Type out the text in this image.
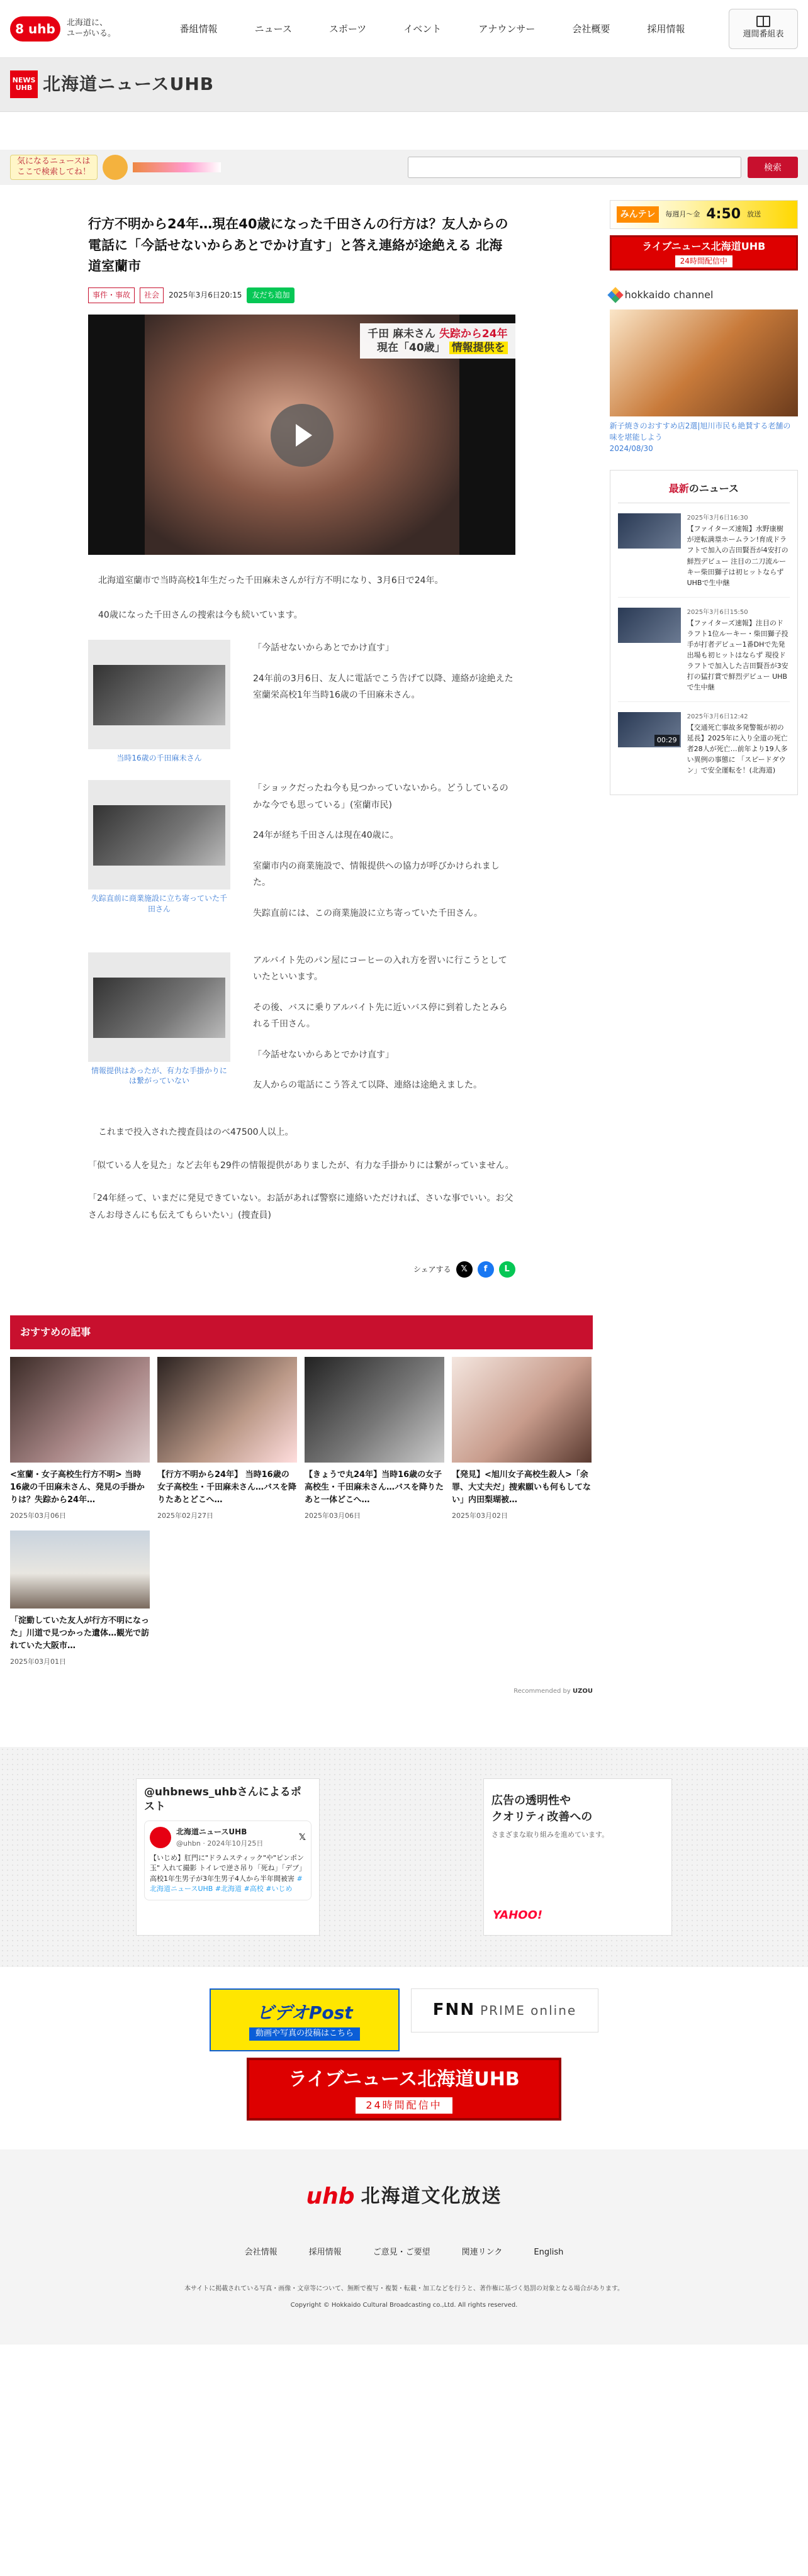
8 uhb	北海道に、
ユーがいる。	番組情報	ニュース	スポーツ	イベント	アナウンサー	会社概要	採用情報
週間番組表
NEWS UHB 北海道ニュースUHB
気になるニュースは
ここで検索してね！	検索
行方不明から24年…現在40歳になった千田さんの行方は？友人からの電話に「今話せないからあとでかけ直す」と答え連絡が途絶える 北海道室蘭市
事件・事故	社会	2025年3月6日20:15	友だち追加
千田 麻未さん 失踪から24年
現在「40歳」 情報提供を

北海道室蘭市で当時高校1年生だった千田麻未さんが行方不明になり、3月6日で24年。

40歳になった千田さんの捜索は今も続いています。

当時16歳の千田麻未さん

「今話せないからあとでかけ直す」

24年前の3月6日、友人に電話でこう告げて以降、連絡が途絶えた室蘭栄高校1年当時16歳の千田麻未さん。

失踪直前に商業施設に立ち寄っていた千田さん

「ショックだったね今も見つかっていないから。どうしているのかな今でも思っている」(室蘭市民)

24年が経ち千田さんは現在40歳に。

室蘭市内の商業施設で、情報提供への協力が呼びかけられました。

失踪直前には、この商業施設に立ち寄っていた千田さん。

情報提供はあったが、有力な手掛かりには繋がっていない

アルバイト先のパン屋にコーヒーの入れ方を習いに行こうとしていたといいます。

その後、バスに乗りアルバイト先に近いバス停に到着したとみられる千田さん。

「今話せないからあとでかけ直す」

友人からの電話にこう答えて以降、連絡は途絶えました。

これまで投入された捜査員はのべ47500人以上。

「似ている人を見た」など去年も29件の情報提供がありましたが、有力な手掛かりには繋がっていません。

「24年経って、いまだに発見できていない。お話があれば警察に連絡いただければ、さいな事でいい。お父さんお母さんにも伝えてもらいたい」(捜査員)

シェアする	𝕏	f	L
みんテレ	毎週月～金 4:50 放送
ライブニュース北海道UHB
24時間配信中
hokkaido channel
新子焼きのおすすめ店2選|旭川市民も絶賛する老舗の味を堪能しよう
2024/08/30
最新のニュース
2025年3月6日16:30
【ファイターズ速報】水野康樹が逆転満塁ホームラン!育成ドラフトで加入の吉田賢吾が4安打の鮮烈デビュー 注目の二刀流ルーキー柴田獅子は初ヒットならず UHBで生中継
2025年3月6日15:50
【ファイターズ速報】注目のドラフト1位ルーキー・柴田獅子投手が打者デビュー1番DHで先発出場も初ヒットはならず 現役ドラフトで加入した吉田賢吾が3安打の猛打賞で鮮烈デビュー UHBで生中継
00:29
2025年3月6日12:42
【交通死亡事故多発警報が初の延長】2025年に入り全道の死亡者28人が死亡…前年より19人多い異例の事態に 「スピードダウン」で安全運転を！(北海道)
おすすめの記事
<室蘭・女子高校生行方不明> 当時16歳の千田麻未さん、発見の手掛かりは？失踪から24年…
2025年03月06日
【行方不明から24年】 当時16歳の女子高校生・千田麻未さん…バスを降りたあとどこへ…
2025年02月27日
【きょうで丸24年】当時16歳の女子高校生・千田麻未さん…バスを降りたあと一体どこへ…
2025年03月06日
【発見】<旭川女子高校生殺人>「余罪、大丈夫だ」捜索願いも何もしてない」内田梨瑚被…
2025年03月02日
「淀勤していた友人が行方不明になった」川道で見つかった遺体…観光で訪れていた大阪市…
2025年03月01日
Recommended by UZOU
@uhbnews_uhbさんによるポスト
北海道ニュースUHB
@uhbn · 2024年10月25日
𝕏
【いじめ】肛門に"ドラムスティック"や"ピンポン玉" 入れて撮影 トイレで逆さ吊り「死ね」「デブ」 高校1年生男子が3年生男子4人から半年間被害 #北海道ニュースUHB #北海道 #高校 #いじめ
広告の透明性や
クオリティ改善への
さまざまな取り組みを進めています。
YAHOO!
ビデオPost
動画や写真の投稿はこちら
FNN PRIME online
ライブニュース北海道UHB
24時間配信中
uhb 北海道文化放送
会社情報	採用情報	ご意見・ご要望	関連リンク	English
本サイトに掲載されている写真・画像・文章等について、無断で複写・複製・転載・加工などを行うと、著作権に基づく処罰の対象となる場合があります。
Copyright © Hokkaido Cultural Broadcasting co.,Ltd. All rights reserved.
